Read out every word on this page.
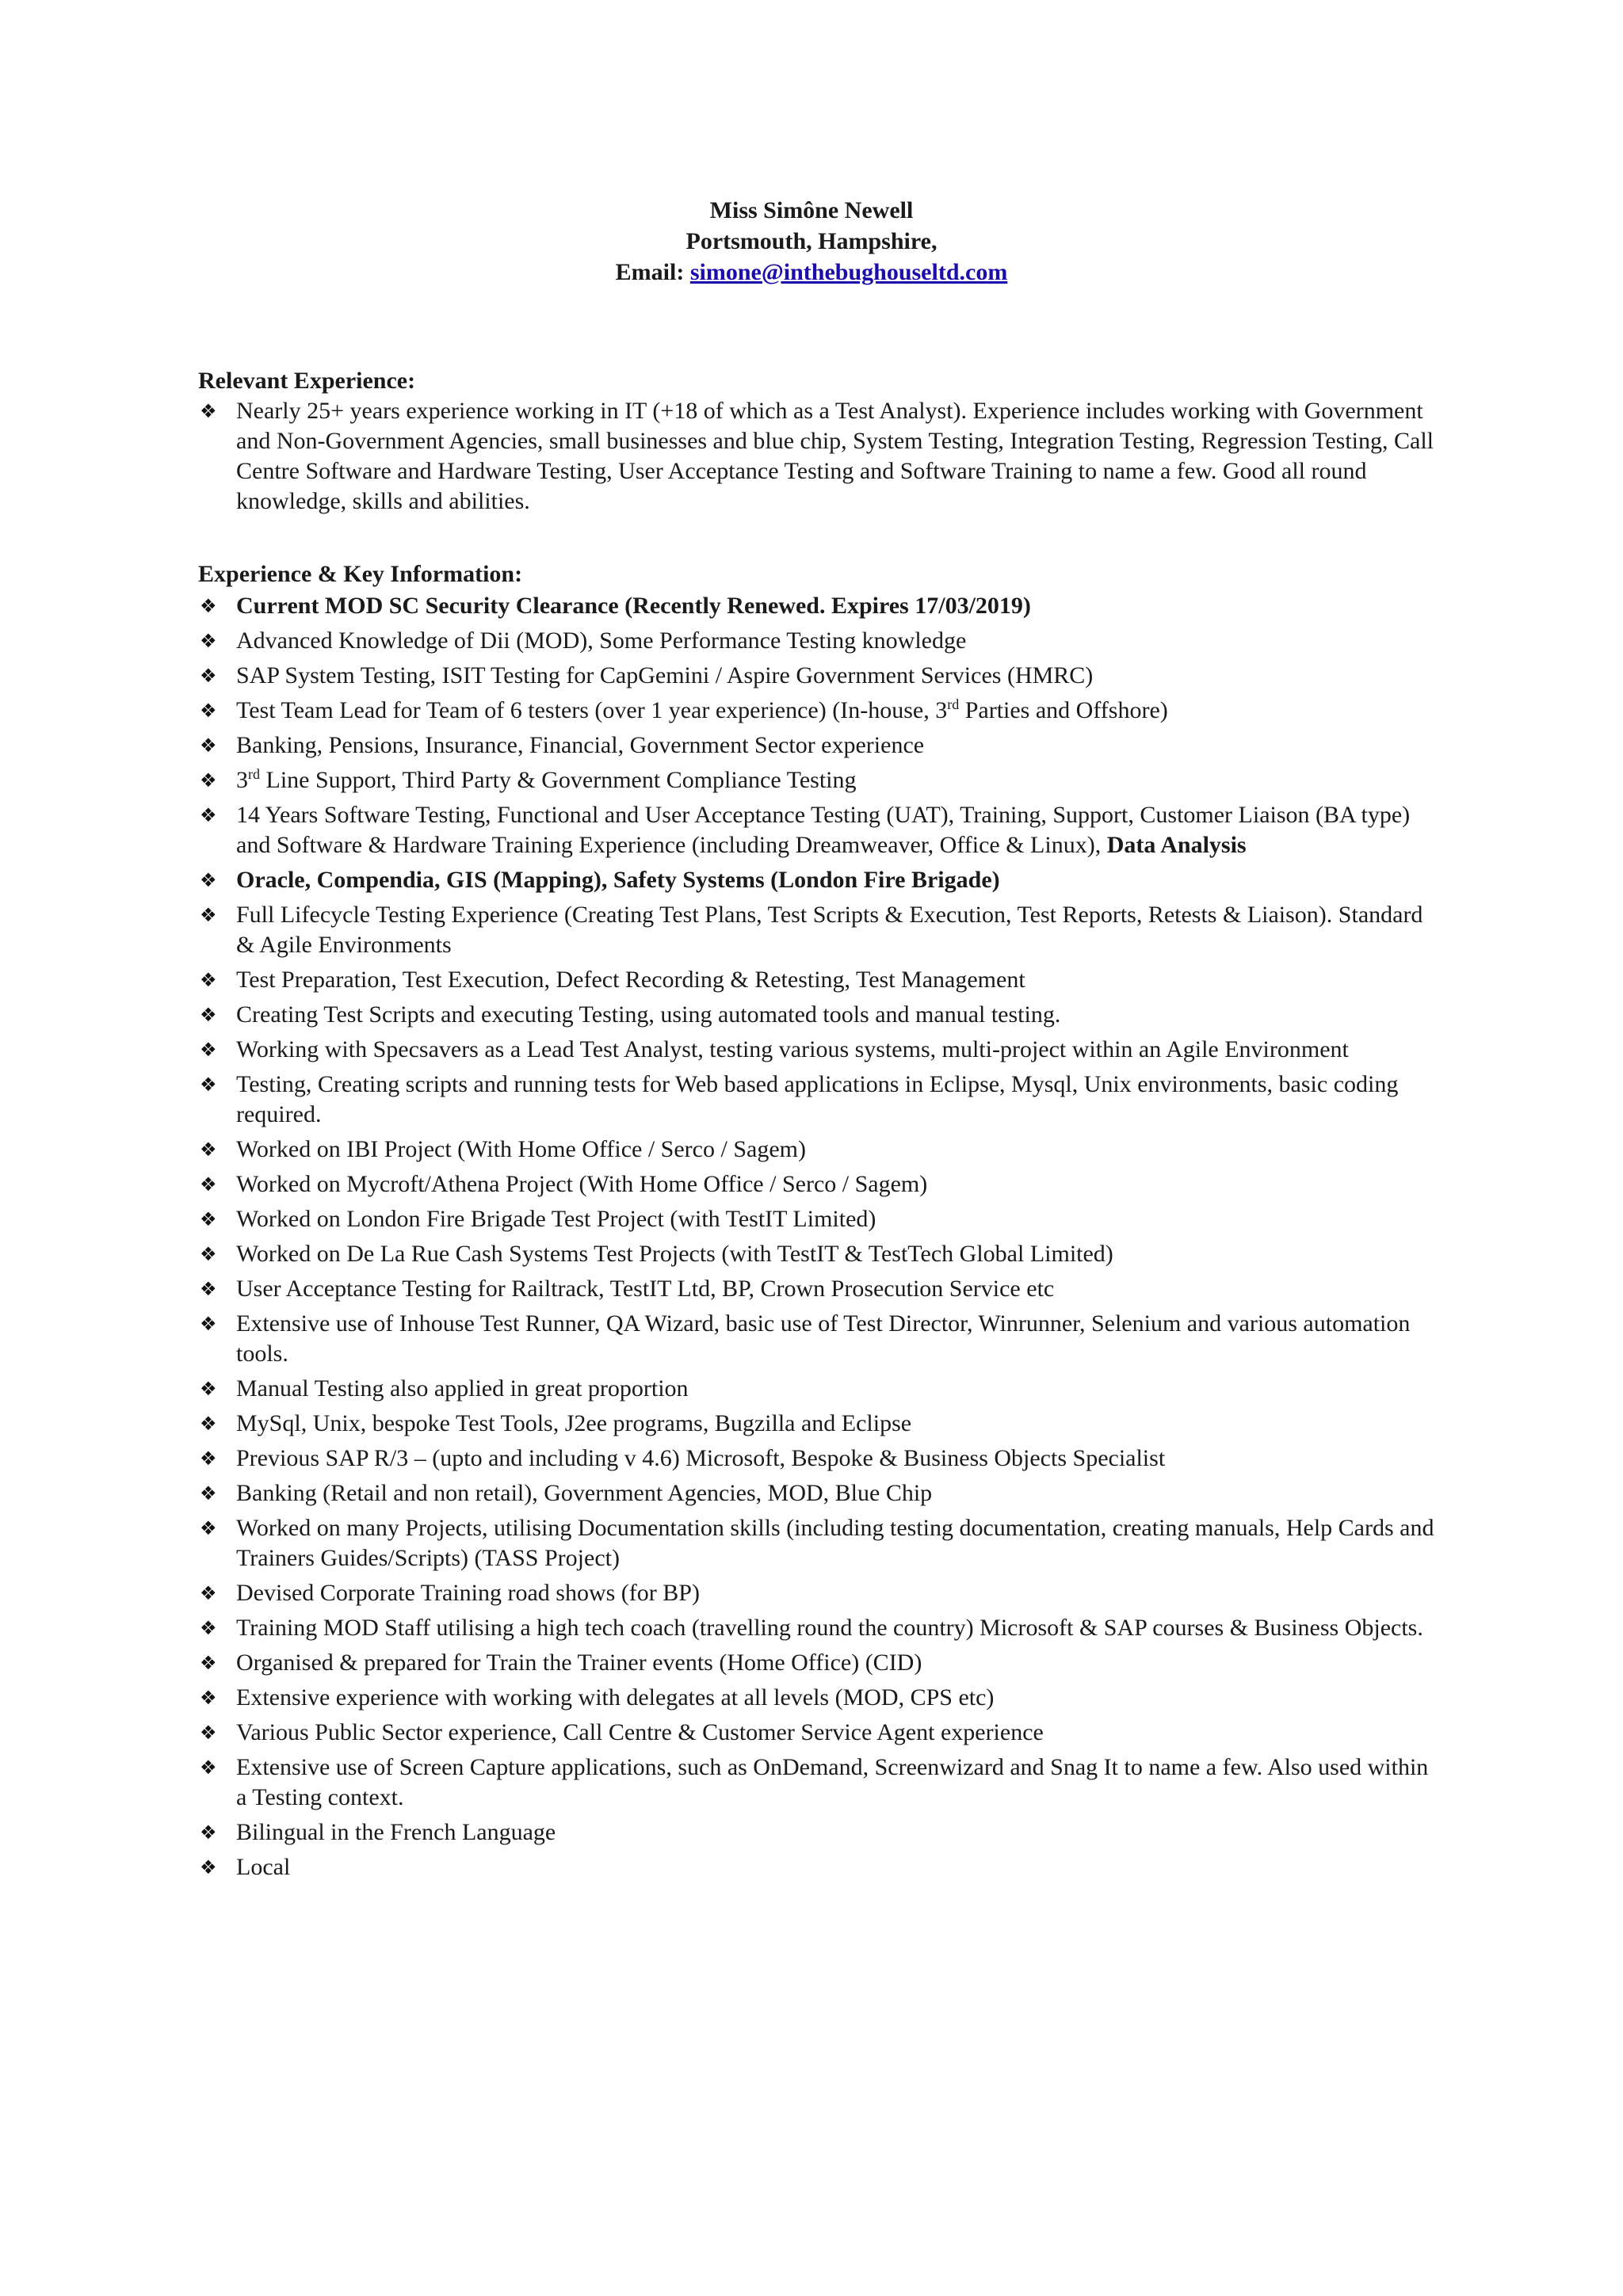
Miss Simône Newell
Portsmouth, Hampshire,
Email: simone@inthebughouseltd.com
Relevant Experience:
❖ Nearly 25+ years experience working in IT (+18 of which as a Test Analyst). Experience includes working with Government and Non-Government Agencies, small businesses and blue chip, System Testing, Integration Testing, Regression Testing, Call Centre Software and Hardware Testing, User Acceptance Testing and Software Training to name a few. Good all round knowledge, skills and abilities.
Experience & Key Information:
❖ Current MOD SC Security Clearance (Recently Renewed. Expires 17/03/2019)
❖ Advanced Knowledge of Dii (MOD), Some Performance Testing knowledge
❖ SAP System Testing, ISIT Testing for CapGemini / Aspire Government Services (HMRC)
❖ Test Team Lead for Team of 6 testers (over 1 year experience) (In-house, 3rd Parties and Offshore)
❖ Banking, Pensions, Insurance, Financial, Government Sector experience
❖ 3rd Line Support, Third Party & Government Compliance Testing
❖ 14 Years Software Testing, Functional and User Acceptance Testing (UAT), Training, Support, Customer Liaison (BA type) and Software & Hardware Training Experience (including Dreamweaver, Office & Linux), Data Analysis
❖ Oracle, Compendia, GIS (Mapping), Safety Systems (London Fire Brigade)
❖ Full Lifecycle Testing Experience (Creating Test Plans, Test Scripts & Execution, Test Reports, Retests & Liaison). Standard & Agile Environments
❖ Test Preparation, Test Execution, Defect Recording & Retesting, Test Management
❖ Creating Test Scripts and executing Testing, using automated tools and manual testing.
❖ Working with Specsavers as a Lead Test Analyst, testing various systems, multi-project within an Agile Environment
❖ Testing, Creating scripts and running tests for Web based applications in Eclipse, Mysql, Unix environments, basic coding required.
❖ Worked on IBI Project (With Home Office / Serco / Sagem)
❖ Worked on Mycroft/Athena Project (With Home Office / Serco / Sagem)
❖ Worked on London Fire Brigade Test Project (with TestIT Limited)
❖ Worked on De La Rue Cash Systems Test Projects (with TestIT & TestTech Global Limited)
❖ User Acceptance Testing for Railtrack, TestIT Ltd, BP, Crown Prosecution Service etc
❖ Extensive use of Inhouse Test Runner, QA Wizard, basic use of Test Director, Winrunner, Selenium and various automation tools.
❖ Manual Testing also applied in great proportion
❖ MySql, Unix, bespoke Test Tools, J2ee programs, Bugzilla and Eclipse
❖ Previous SAP R/3 – (upto and including v 4.6) Microsoft, Bespoke & Business Objects Specialist
❖ Banking (Retail and non retail), Government Agencies, MOD, Blue Chip
❖ Worked on many Projects, utilising Documentation skills (including testing documentation, creating manuals, Help Cards and Trainers Guides/Scripts) (TASS Project)
❖ Devised Corporate Training road shows (for BP)
❖ Training MOD Staff utilising a high tech coach (travelling round the country) Microsoft & SAP courses & Business Objects.
❖ Organised & prepared for Train the Trainer events (Home Office) (CID)
❖ Extensive experience with working with delegates at all levels (MOD, CPS etc)
❖ Various Public Sector experience, Call Centre & Customer Service Agent experience
❖ Extensive use of Screen Capture applications, such as OnDemand, Screenwizard and Snag It to name a few. Also used within a Testing context.
❖ Bilingual in the French Language
❖ Local
